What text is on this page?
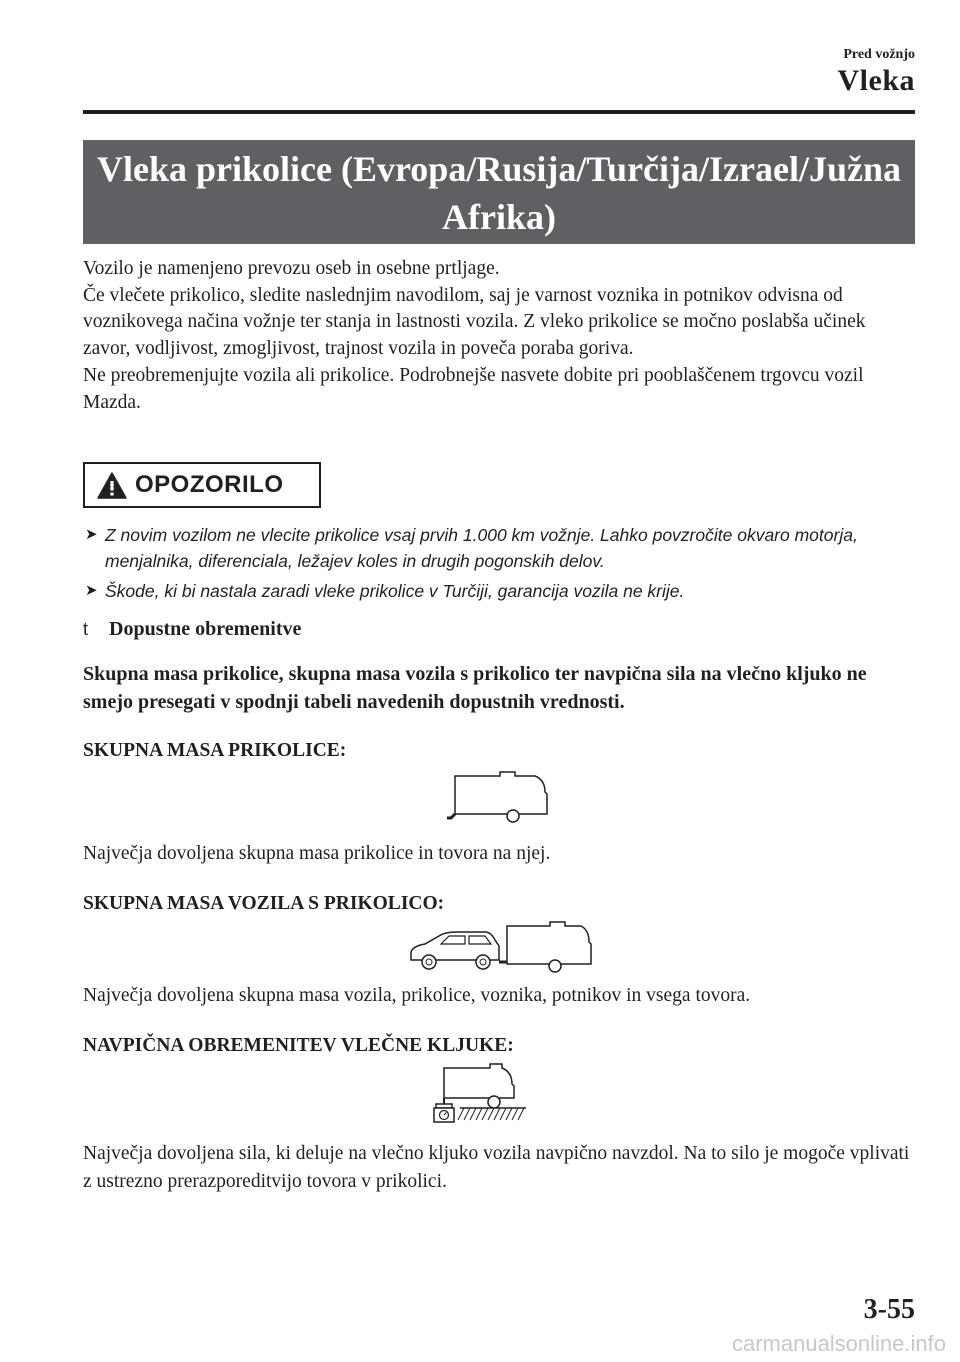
Pred vožnjo
Vleka
Vleka prikolice (Evropa/Rusija/Turčija/Izrael/Južna Afrika)

Vozilo je namenjeno prevozu oseb in osebne prtljage.

Če vlečete prikolico, sledite naslednjim navodilom, saj je varnost voznika in potnikov odvisna od voznikovega načina vožnje ter stanja in lastnosti vozila. Z vleko prikolice se močno poslabša učinek zavor, vodljivost, zmogljivost, trajnost vozila in poveča poraba goriva.

Ne preobremenjujte vozila ali prikolice. Podrobnejše nasvete dobite pri pooblaščenem trgovcu vozil Mazda.

OPOZORILO
➤ Z novim vozilom ne vlecite prikolice vsaj prvih 1.000 km vožnje. Lahko povzročite okvaro motorja, menjalnika, diferenciala, ležajev koles in drugih pogonskih delov.
➤ Škode, ki bi nastala zaradi vleke prikolice v Turčiji, garancija vozila ne krije.
t Dopustne obremenitve
Skupna masa prikolice, skupna masa vozila s prikolico ter navpična sila na vlečno kljuko ne smejo presegati v spodnji tabeli navedenih dopustnih vrednosti.
SKUPNA MASA PRIKOLICE:
Največja dovoljena skupna masa prikolice in tovora na njej.
SKUPNA MASA VOZILA S PRIKOLICO:
Največja dovoljena skupna masa vozila, prikolice, voznika, potnikov in vsega tovora.
NAVPIČNA OBREMENITEV VLEČNE KLJUKE:
Največja dovoljena sila, ki deluje na vlečno kljuko vozila navpično navzdol. Na to silo je mogoče vplivati z ustrezno prerazporeditvijo tovora v prikolici.
3-55
carmanualsonline.info
